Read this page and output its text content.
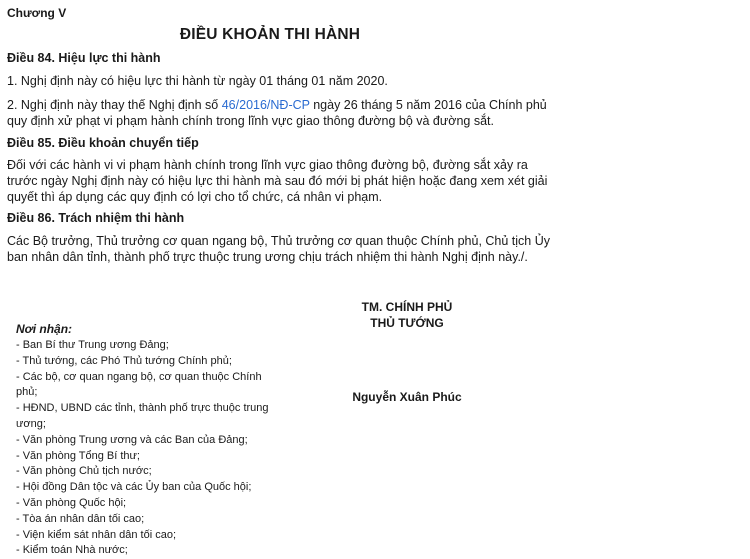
Chương V
ĐIỀU KHOẢN THI HÀNH
Điều 84. Hiệu lực thi hành
1. Nghị định này có hiệu lực thi hành từ ngày 01 tháng 01 năm 2020.
2. Nghị định này thay thế Nghị định số 46/2016/NĐ-CP ngày 26 tháng 5 năm 2016 của Chính phủ
quy định xử phạt vi phạm hành chính trong lĩnh vực giao thông đường bộ và đường sắt.
Điều 85. Điều khoản chuyển tiếp
Đối với các hành vi vi phạm hành chính trong lĩnh vực giao thông đường bộ, đường sắt xảy ra
trước ngày Nghị định này có hiệu lực thi hành mà sau đó mới bị phát hiện hoặc đang xem xét giải
quyết thì áp dụng các quy định có lợi cho tổ chức, cá nhân vi phạm.
Điều 86. Trách nhiệm thi hành
Các Bộ trưởng, Thủ trưởng cơ quan ngang bộ, Thủ trưởng cơ quan thuộc Chính phủ, Chủ tịch Ủy
ban nhân dân tỉnh, thành phố trực thuộc trung ương chịu trách nhiệm thi hành Nghị định này./.
TM. CHÍNH PHỦ
THỦ TƯỚNG
Nguyễn Xuân Phúc
Nơi nhận:
- Ban Bí thư Trung ương Đảng;
- Thủ tướng, các Phó Thủ tướng Chính phủ;
- Các bộ, cơ quan ngang bộ, cơ quan thuộc Chính phủ;
- HĐND, UBND các tỉnh, thành phố trực thuộc trung ương;
- Văn phòng Trung ương và các Ban của Đảng;
- Văn phòng Tổng Bí thư;
- Văn phòng Chủ tịch nước;
- Hội đồng Dân tộc và các Ủy ban của Quốc hội;
- Văn phòng Quốc hội;
- Tòa án nhân dân tối cao;
- Viện kiểm sát nhân dân tối cao;
- Kiểm toán Nhà nước;
